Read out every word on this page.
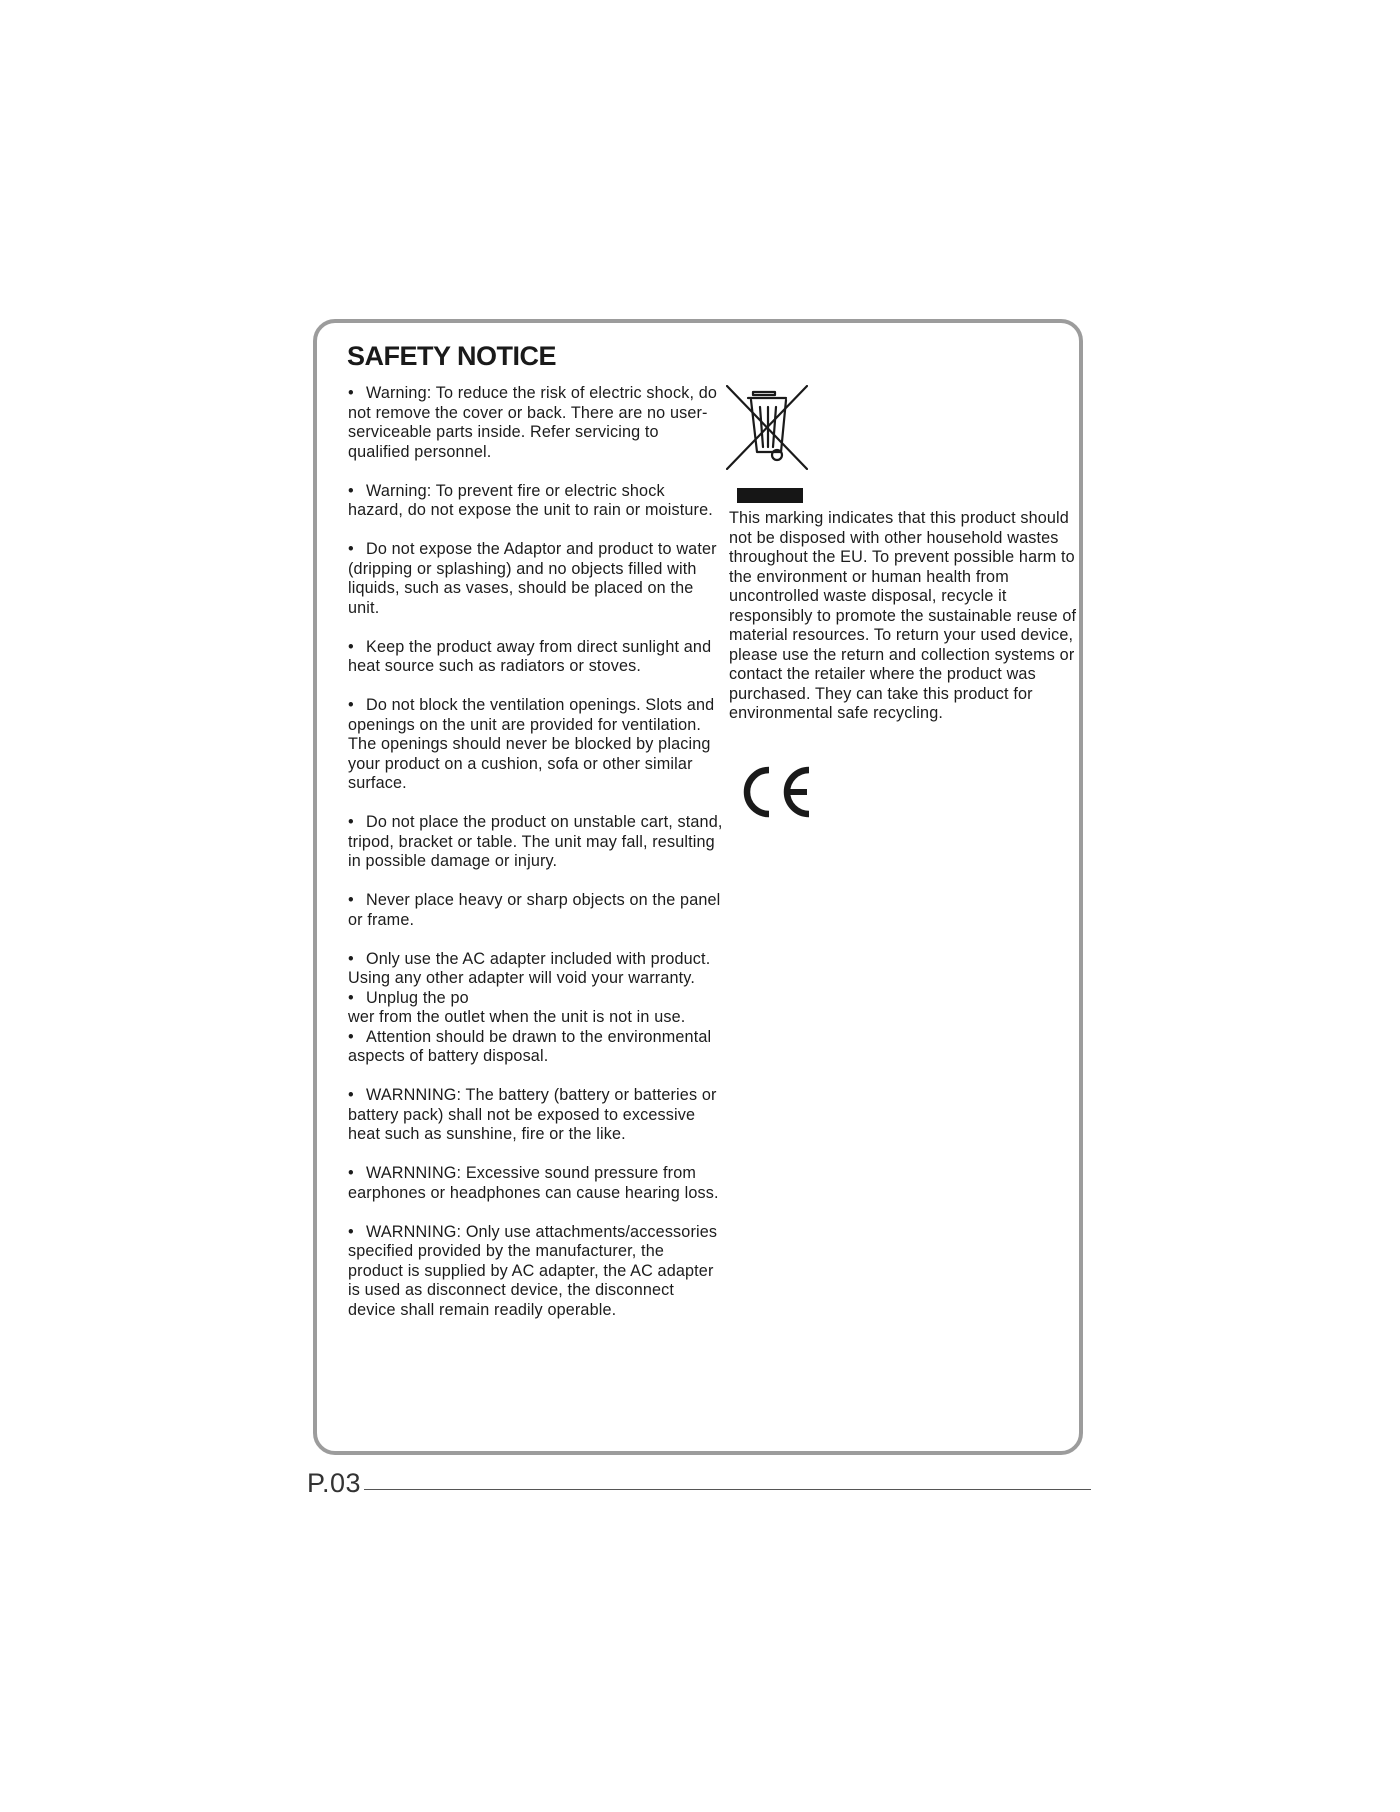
SAFETY NOTICE

• Warning: To reduce the risk of electric shock, do not remove the cover or back. There are no user-serviceable parts inside. Refer servicing to qualified personnel.

• Warning: To prevent fire or electric shock hazard, do not expose the unit to rain or moisture.

• Do not expose the Adaptor and product to water (dripping or splashing) and no objects filled with liquids, such as vases, should be placed on the unit.

• Keep the product away from direct sunlight and heat source such as radiators or stoves.

• Do not block the ventilation openings. Slots and openings on the unit are provided for ventilation. The openings should never be blocked by placing your product on a cushion, sofa or other similar surface.

• Do not place the product on unstable cart, stand, tripod, bracket or table. The unit may fall, resulting in possible damage or injury.

• Never place heavy or sharp objects on the panel or frame.

• Only use the AC adapter included with product. Using any other adapter will void your warranty.

• Unplug the po

wer from the outlet when the unit is not in use.

• Attention should be drawn to the environmental aspects of battery disposal.

• WARNNING: The battery (battery or batteries or battery pack) shall not be exposed to excessive heat such as sunshine, fire or the like.

• WARNNING: Excessive sound pressure from earphones or headphones can cause hearing loss.

• WARNNING: Only use attachments/accessories specified provided by the manufacturer, the product is supplied by AC adapter, the AC adapter is used as disconnect device, the disconnect device shall remain readily operable.

This marking indicates that this product should not be disposed with other household wastes throughout the EU. To prevent possible harm to the environment or human health from uncontrolled waste disposal, recycle it responsibly to promote the sustainable reuse of material resources. To return your used device, please use the return and collection systems or contact the retailer where the product was purchased. They can take this product for environmental safe recycling.

P.03
